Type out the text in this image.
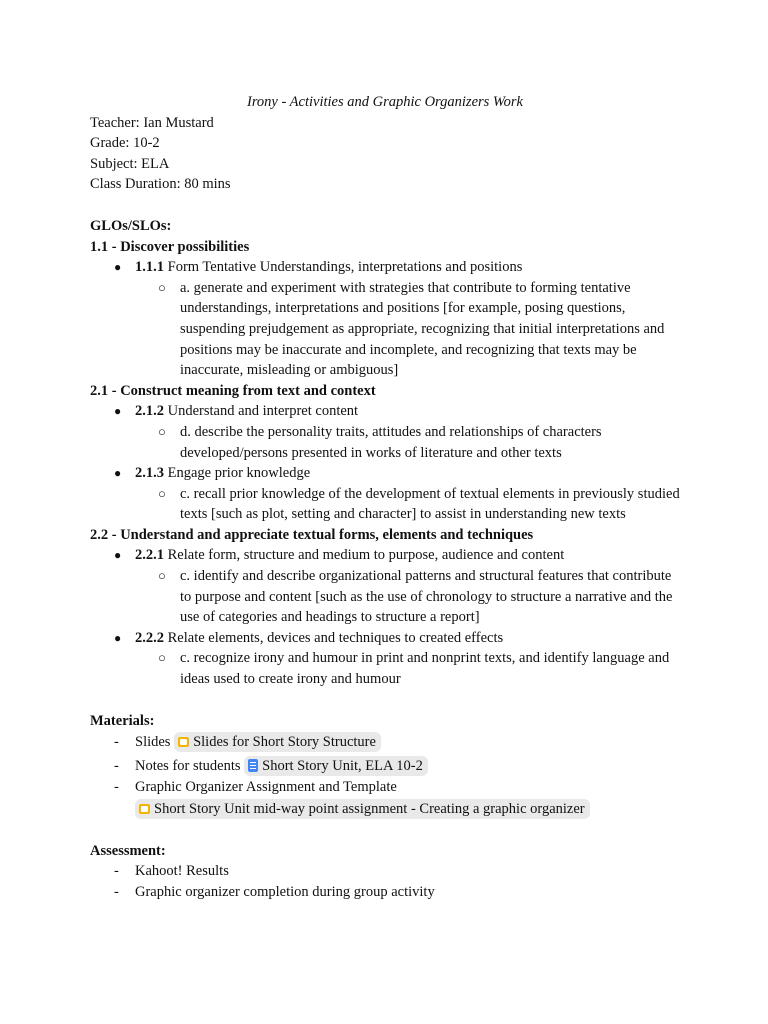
Irony - Activities and Graphic Organizers Work
Teacher: Ian Mustard
Grade: 10-2
Subject: ELA
Class Duration: 80 mins
GLOs/SLOs:
1.1 - Discover possibilities
● 1.1.1 Form Tentative Understandings, interpretations and positions
○ a. generate and experiment with strategies that contribute to forming tentative understandings, interpretations and positions [for example, posing questions, suspending prejudgement as appropriate, recognizing that initial interpretations and positions may be inaccurate and incomplete, and recognizing that texts may be inaccurate, misleading or ambiguous]
2.1 - Construct meaning from text and context
● 2.1.2 Understand and interpret content
○ d. describe the personality traits, attitudes and relationships of characters developed/persons presented in works of literature and other texts
● 2.1.3 Engage prior knowledge
○ c. recall prior knowledge of the development of textual elements in previously studied texts [such as plot, setting and character] to assist in understanding new texts
2.2 - Understand and appreciate textual forms, elements and techniques
● 2.2.1 Relate form, structure and medium to purpose, audience and content
○ c. identify and describe organizational patterns and structural features that contribute to purpose and content [such as the use of chronology to structure a narrative and the use of categories and headings to structure a report]
● 2.2.2 Relate elements, devices and techniques to created effects
○ c. recognize irony and humour in print and nonprint texts, and identify language and ideas used to create irony and humour
Materials:
- Slides Slides for Short Story Structure
- Notes for students Short Story Unit, ELA 10-2
- Graphic Organizer Assignment and Template
Short Story Unit mid-way point assignment - Creating a graphic organizer
Assessment:
- Kahoot! Results
- Graphic organizer completion during group activity
